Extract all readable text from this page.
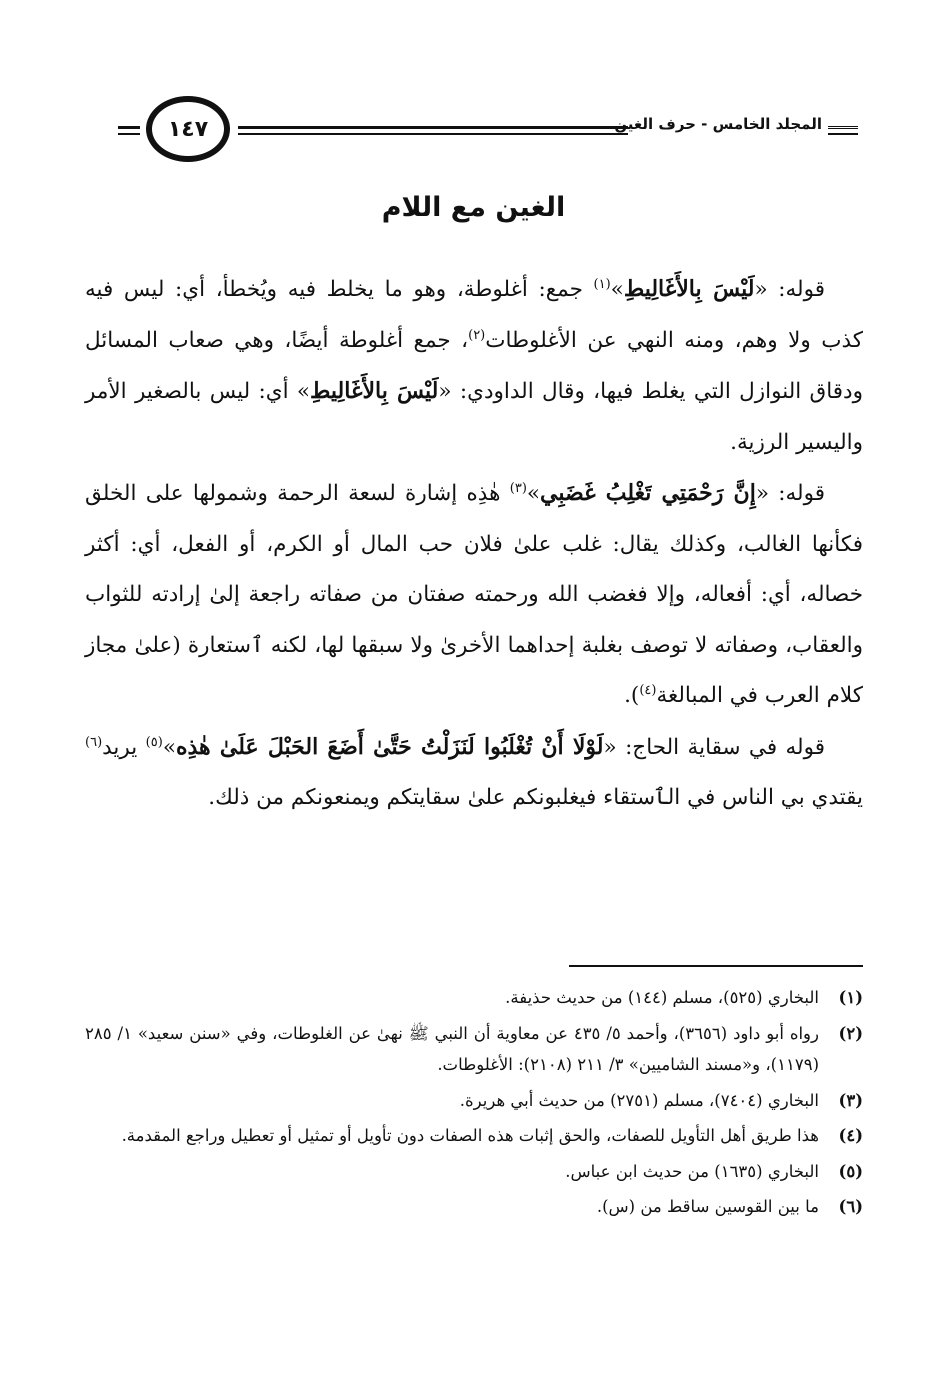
المجلد الخامس - حرف الغين
١٤٧
الغين مع اللام

قوله: «لَيْسَ بِالأَغَالِيطِ»$^{(١)}$ جمع: أغلوطة، وهو ما يخلط فيه ويُخطأ، أي: ليس فيه كذب ولا وهم، ومنه النهي عن الأغلوطات$^{(٢)}$، جمع أغلوطة أيضًا، وهي صعاب المسائل ودقاق النوازل التي يغلط فيها، وقال الداودي: «لَيْسَ بِالأَغَالِيطِ» أي: ليس بالصغير الأمر واليسير الرزية.

قوله: «إِنَّ رَحْمَتِي تَغْلِبُ غَضَبِي»$^{(٣)}$ هٰذِه إشارة لسعة الرحمة وشمولها على الخلق فكأنها الغالب، وكذلك يقال: غلب علىٰ فلان حب المال أو الكرم، أو الفعل، أي: أكثر خصاله، أي: أفعاله، وإلا فغضب الله ورحمته صفتان من صفاته راجعة إلىٰ إرادته للثواب والعقاب، وصفاته لا توصف بغلبة إحداهما الأخرىٰ ولا سبقها لها، لكنه ٱستعارة (علىٰ مجاز كلام العرب في المبالغة$^{(٤)}$).

قوله في سقاية الحاج: «لَوْلَا أَنْ تُغْلَبُوا لَنَزَلْتُ حَتَّىٰ أَضَعَ الحَبْلَ عَلَىٰ هٰذِه»$^{(٥)}$ يريد$^{(٦)}$ يقتدي بي الناس في الٱستقاء فيغلبونكم علىٰ سقايتكم ويمنعونكم من ذلك.

(١)
البخاري (٥٢٥)، مسلم (١٤٤) من حديث حذيفة.
(٢)
رواه أبو داود (٣٦٥٦)، وأحمد ٥/ ٤٣٥ عن معاوية أن النبي ﷺ نهىٰ عن الغلوطات، وفي «سنن سعيد» ١/ ٢٨٥ (١١٧٩)، و«مسند الشاميين» ٣/ ٢١١ (٢١٠٨): الأغلوطات.
(٣)
البخاري (٧٤٠٤)، مسلم (٢٧٥١) من حديث أبي هريرة.
(٤)
هذا طريق أهل التأويل للصفات، والحق إثبات هذه الصفات دون تأويل أو تمثيل أو تعطيل وراجع المقدمة.
(٥)
البخاري (١٦٣٥) من حديث ابن عباس.
(٦)
ما بين القوسين ساقط من (س).
